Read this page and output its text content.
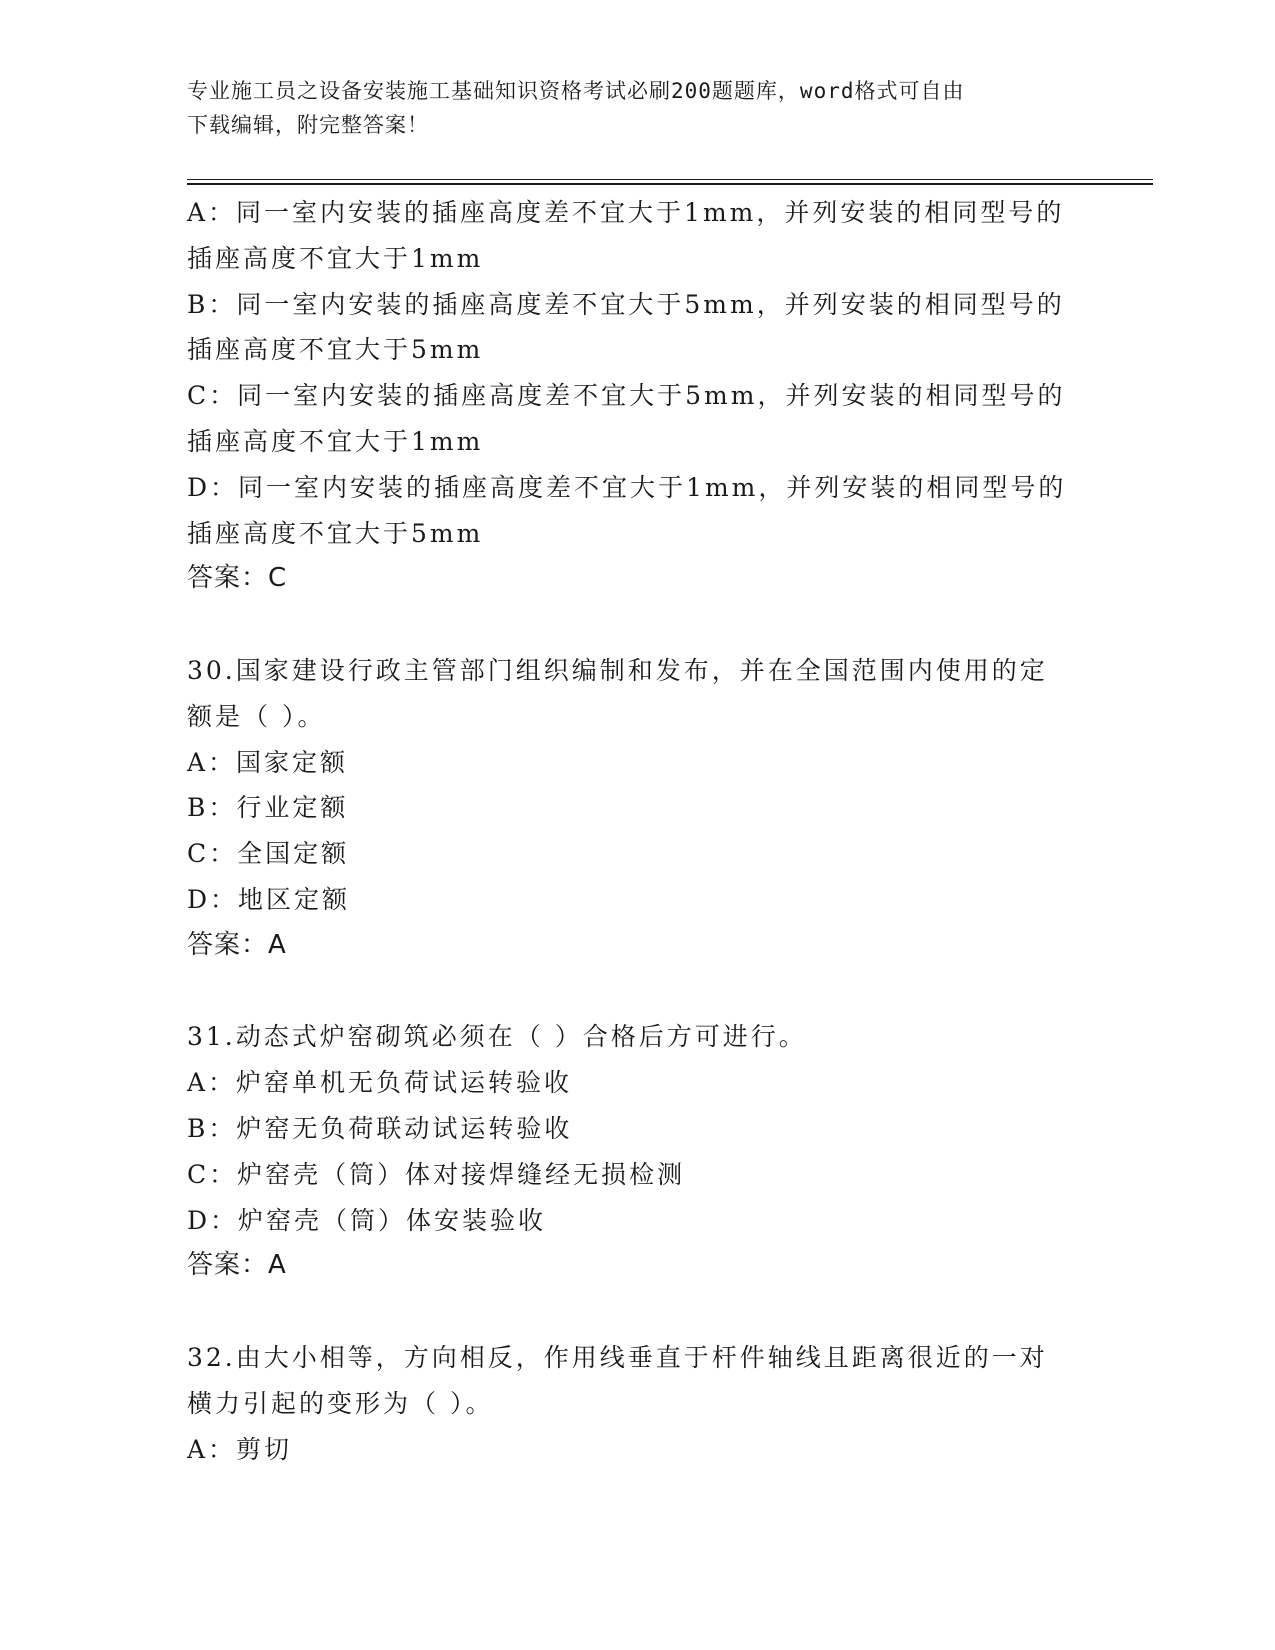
专业施工员之设备安装施工基础知识资格考试必刷200题题库，word格式可自由
下载编辑，附完整答案！
A：同一室内安装的插座高度差不宜大于1mm，并列安装的相同型号的
插座高度不宜大于1mm
B：同一室内安装的插座高度差不宜大于5mm，并列安装的相同型号的
插座高度不宜大于5mm
C：同一室内安装的插座高度差不宜大于5mm，并列安装的相同型号的
插座高度不宜大于1mm
D：同一室内安装的插座高度差不宜大于1mm，并列安装的相同型号的
插座高度不宜大于5mm
答案：C
30.国家建设行政主管部门组织编制和发布，并在全国范围内使用的定
额是（ ）。
A：国家定额
B：行业定额
C：全国定额
D：地区定额
答案：A
31.动态式炉窑砌筑必须在（ ）合格后方可进行。
A：炉窑单机无负荷试运转验收
B：炉窑无负荷联动试运转验收
C：炉窑壳（筒）体对接焊缝经无损检测
D：炉窑壳（筒）体安装验收
答案：A
32.由大小相等，方向相反，作用线垂直于杆件轴线且距离很近的一对
横力引起的变形为（ ）。
A：剪切
